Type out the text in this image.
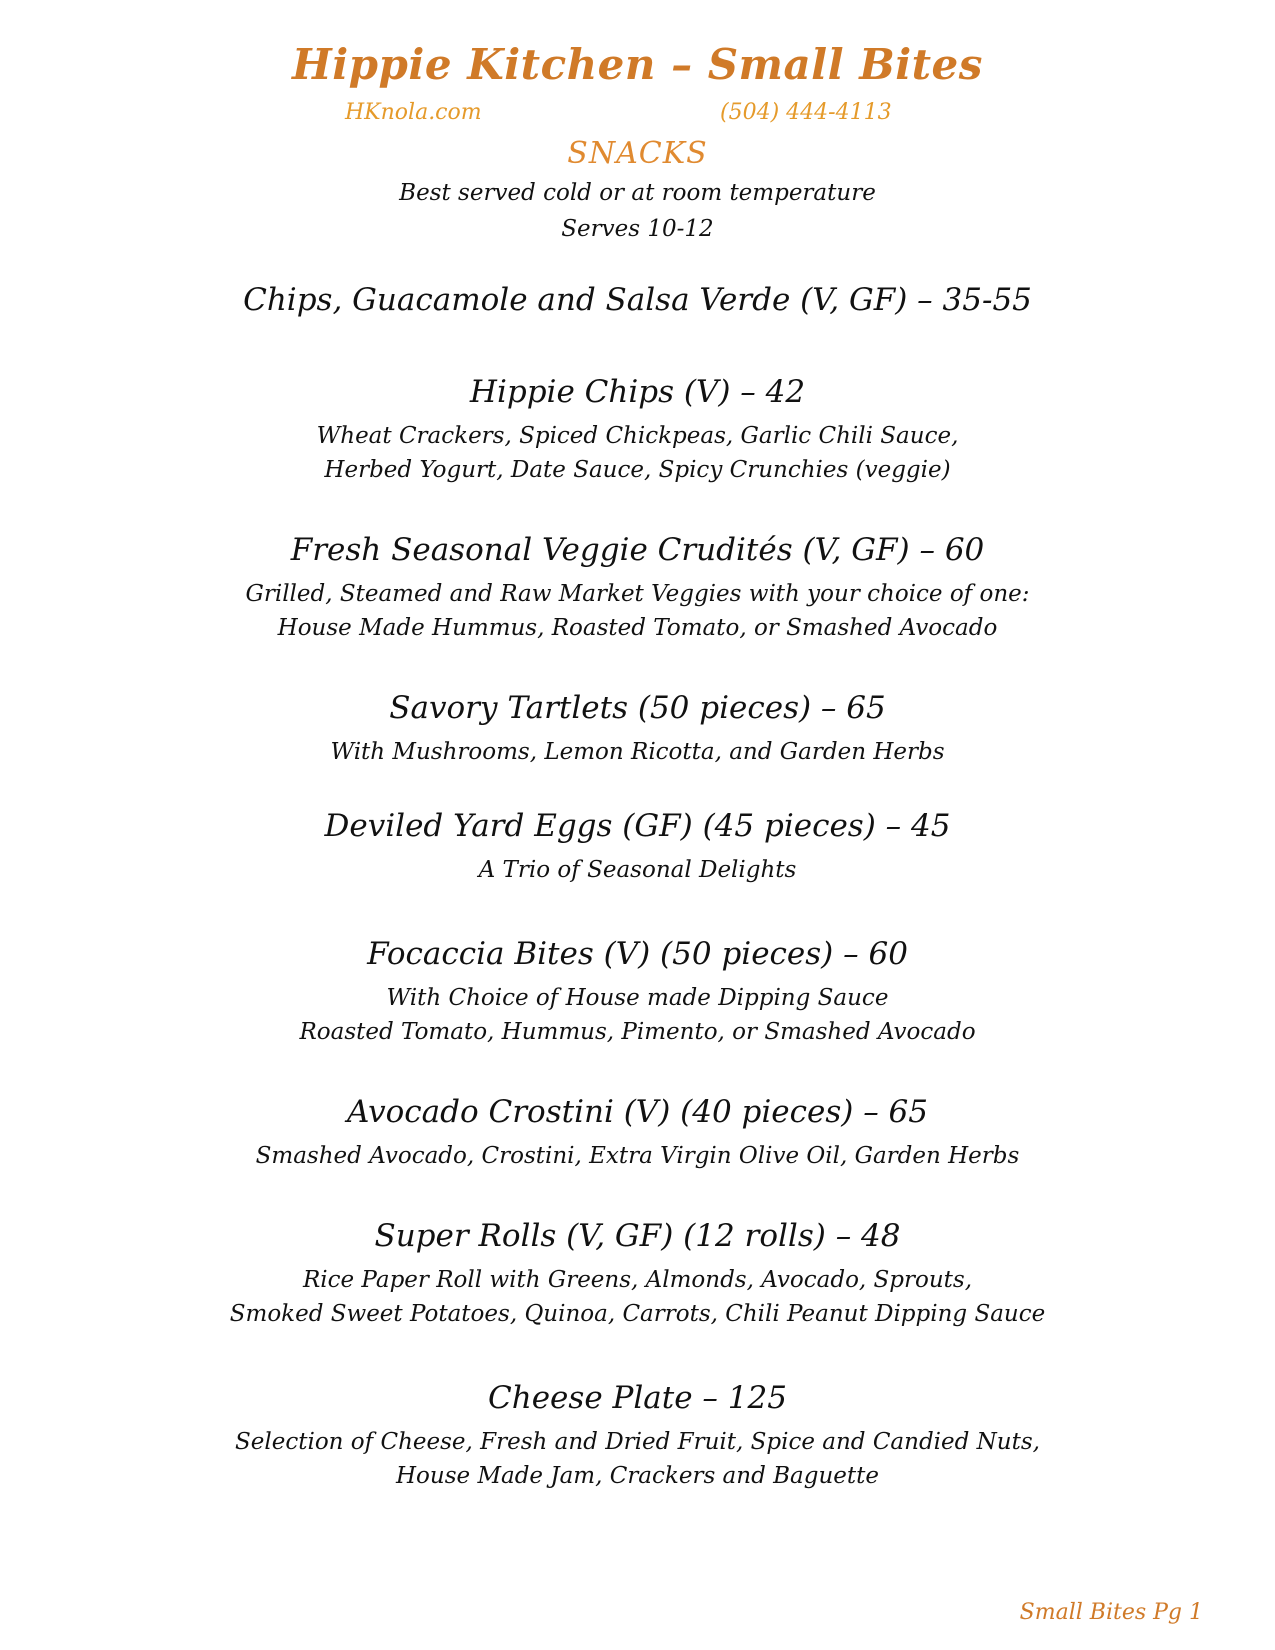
Hippie Kitchen – Small Bites
HKnola.com	(504) 444-4113
SNACKS
Best served cold or at room temperature
Serves 10-12
Chips, Guacamole and Salsa Verde (V, GF) – 35-55
Hippie Chips (V) – 42
Wheat Crackers, Spiced Chickpeas, Garlic Chili Sauce,
Herbed Yogurt, Date Sauce, Spicy Crunchies (veggie)
Fresh Seasonal Veggie Crudités (V, GF) – 60
Grilled, Steamed and Raw Market Veggies with your choice of one:
House Made Hummus, Roasted Tomato, or Smashed Avocado
Savory Tartlets (50 pieces) – 65
With Mushrooms, Lemon Ricotta, and Garden Herbs
Deviled Yard Eggs (GF) (45 pieces) – 45
A Trio of Seasonal Delights
Focaccia Bites (V) (50 pieces) – 60
With Choice of House made Dipping Sauce
Roasted Tomato, Hummus, Pimento, or Smashed Avocado
Avocado Crostini (V) (40 pieces) – 65
Smashed Avocado, Crostini, Extra Virgin Olive Oil, Garden Herbs
Super Rolls (V, GF) (12 rolls) – 48
Rice Paper Roll with Greens, Almonds, Avocado, Sprouts,
Smoked Sweet Potatoes, Quinoa, Carrots, Chili Peanut Dipping Sauce
Cheese Plate – 125
Selection of Cheese, Fresh and Dried Fruit, Spice and Candied Nuts,
House Made Jam, Crackers and Baguette
Small Bites Pg 1
